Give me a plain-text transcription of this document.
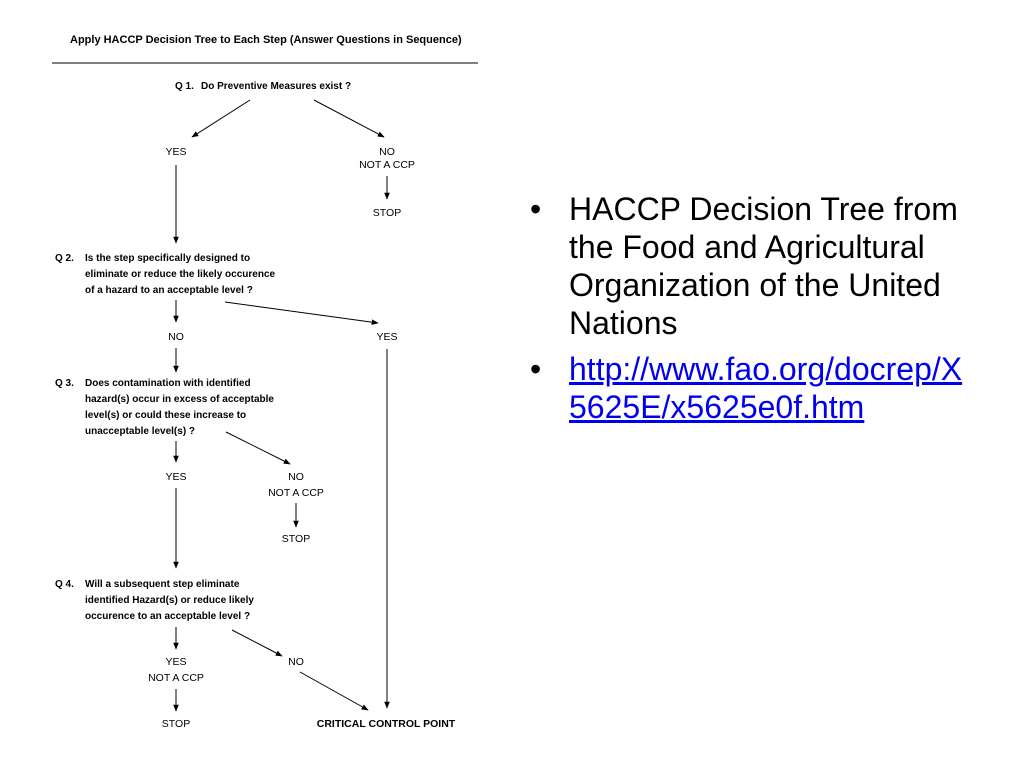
Apply HACCP Decision Tree to Each Step (Answer Questions in Sequence)
Q 1. Do Preventive Measures exist ?
YES	NO
NOT A CCP
STOP
Q 2. Is the step specifically designed to
eliminate or reduce the likely occurence
of a hazard to an acceptable level ?
NO	YES
Q 3. Does contamination with identified
hazard(s) occur in excess of acceptable
level(s) or could these increase to
unacceptable level(s) ?
YES	NO
NOT A CCP
STOP
Q 4. Will a subsequent step eliminate
identified Hazard(s) or reduce likely
occurence to an acceptable level ?
YES
NOT A CCP
NO
STOP	CRITICAL CONTROL POINT
• HACCP Decision Tree from the Food and Agricultural Organization of the United Nations
• http://www.fao.org/docrep/X5625E/x5625e0f.htm
